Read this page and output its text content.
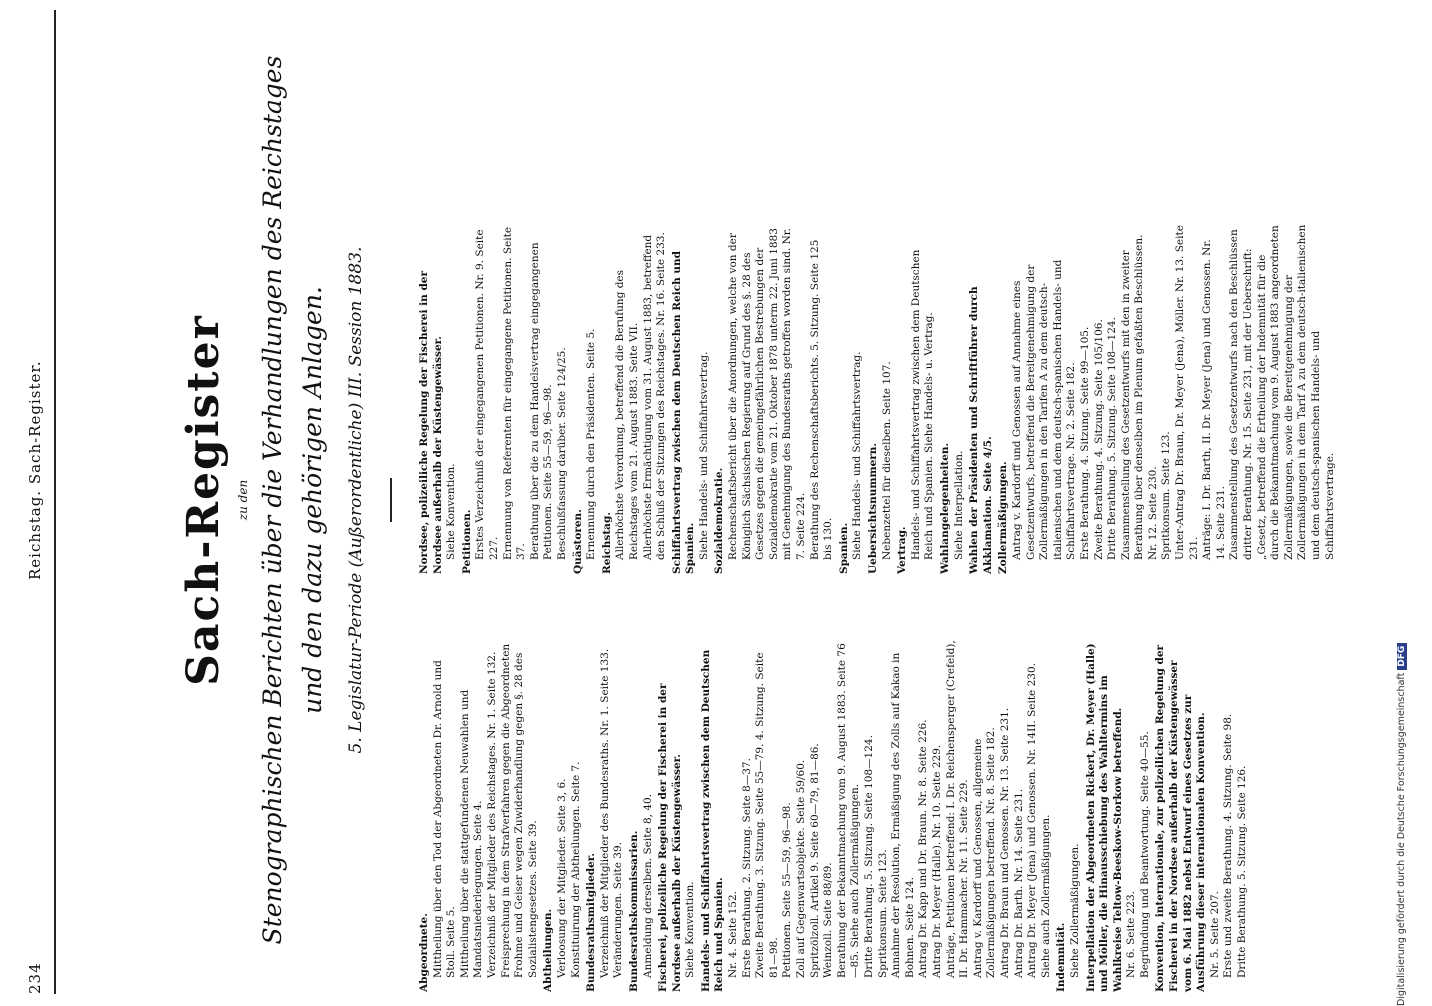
234
Reichstag. Sach-Register.	Sach-Register zu den Stenographischen Berichten über die Verhandlungen des Reichstages und den dazu gehörigen Anlagen. 5. Legislatur-Periode (Außerordentliche) III. Session 1883.
Abgeordnete. Mittheilung über den Tod der Abgeordneten Dr. Arnold und Stoll. Seite 5. Mittheilung über die stattgefundenen Neuwahlen und Mandatsniederlegungen. Seite 4. Verzeichniß der Mitglieder des Reichstages. Nr. 1. Seite 132. Freisprechung in dem Strafverfahren gegen die Abgeordneten Frohme und Geiser wegen Zuwiderhandlung gegen §. 28 des Sozialistengesetzes. Seite 39. Abtheilungen. Verloosung der Mitglieder. Seite 3, 6. Konstituirung der Abtheilungen. Seite 7. Bundesrathsmitglieder. Verzeichniß der Mitglieder des Bundesraths. Nr. 1. Seite 133. Veränderungen. Seite 39. Bundesrathskommissarien. Anmeldung derselben. Seite 8, 40. Fischerei, polizeiliche Regelung der Fischerei in der Nordsee außerhalb der Küstengewässer. Siehe Konvention. Handels- und Schiffahrtsvertrag zwischen dem Deutschen Reich und Spanien. Nr. 4. Seite 152. Erste Berathung. 2. Sitzung. Seite 8—37. Zweite Berathung. 3. Sitzung. Seite 55—79. 4. Sitzung. Seite 81—98. Petitionen. Seite 55—59, 96—98. Zoll auf Gegenwartsobjekte. Seite 59/60. Spritzölzoll. Artikel 9. Seite 60—79, 81—86. Weinzoll. Seite 88/89. Berathung der Bekanntmachung vom 9. August 1883. Seite 76—85. Siehe auch Zollermäßigungen. Dritte Berathung. 5. Sitzung. Seite 108—124. Spritkonsum. Seite 123. Annahme der Resolution, Ermäßigung des Zolls auf Kakao in Bohnen. Seite 124. Antrag Dr. Kapp und Dr. Braun. Nr. 8. Seite 226. Antrag Dr. Meyer (Halle). Nr. 10. Seite 229. Anträge, Petitionen betreffend: I. Dr. Reichensperger (Crefeld), II. Dr. Hammacher. Nr. 11. Seite 229. Antrag v. Kardorff und Genossen, allgemeine Zollermäßigungen betreffend. Nr. 8. Seite 182. Antrag Dr. Braun und Genossen. Nr. 13. Seite 231. Antrag Dr. Barth. Nr. 14. Seite 231. Antrag Dr. Meyer (Jena) und Genossen. Nr. 14II. Seite 230. Siehe auch Zollermäßigungen. Indemnität. Siehe Zollermäßigungen. Interpellation der Abgeordneten Rickert, Dr. Meyer (Halle) und Möller, die Hinausschiebung des Wahltermins im Wahlkreise Teltow-Beeskow-Storkow betreffend. Nr. 6. Seite 223. Begründung und Beantwortung. Seite 40—55. Konvention, internationale, zur polizeilichen Regelung der Fischerei in der Nordsee außerhalb der Küstengewässer vom 6. Mai 1882 nebst Entwurf eines Gesetzes zur Ausführung dieser internationalen Konvention. Nr. 5. Seite 207. Erste und zweite Berathung. 4. Sitzung. Seite 98. Dritte Berathung. 5. Sitzung. Seite 126.
Nordsee, polizeiliche Regelung der Fischerei in der Nordsee außerhalb der Küstengewässer. Siehe Konvention. Petitionen. Erstes Verzeichniß der eingegangenen Petitionen. Nr. 9. Seite 227. Ernennung von Referenten für eingegangene Petitionen. Seite 37. Berathung über die zu dem Handelsvertrag eingegangenen Petitionen. Seite 55—59, 96—98. Beschlußfassung darüber. Seite 124/25. Quästoren. Ernennung durch den Präsidenten. Seite 5. Reichstag. Allerhöchste Verordnung, betreffend die Berufung des Reichstages vom 21. August 1883. Seite VII. Allerhöchste Ermächtigung vom 31. August 1883, betreffend den Schluß der Sitzungen des Reichstages. Nr. 16. Seite 233. Schiffahrtsvertrag zwischen dem Deutschen Reich und Spanien. Siehe Handels- und Schiffahrtsvertrag. Sozialdemokratie. Rechenschaftsbericht über die Anordnungen, welche von der Königlich Sächsischen Regierung auf Grund des §. 28 des Gesetzes gegen die gemeingefährlichen Bestrebungen der Sozialdemokratie vom 21. Oktober 1878 unterm 22. Juni 1883 mit Genehmigung des Bundesraths getroffen worden sind. Nr. 7. Seite 224. Berathung des Rechenschaftsberichts. 5. Sitzung. Seite 125 bis 130. Spanien. Siehe Handels- und Schiffahrtsvertrag. Uebersichtsnummern. Nebenzettel für dieselben. Seite 107. Vertrag. Handels- und Schiffahrtsvertrag zwischen dem Deutschen Reich und Spanien. Siehe Handels- u. Vertrag. Wahlangelegenheiten. Siehe Interpellation. Wahlen der Präsidenten und Schriftführer durch Akklamation. Seite 4/5. Zollermäßigungen. Antrag v. Kardorff und Genossen auf Annahme eines Gesetzentwurfs, betreffend die Bereitgenehmigung der Zollermäßigungen in den Tarifen A zu dem deutsch-italienischen und dem deutsch-spanischen Handels- und Schiffahrtsvertrage. Nr. 2. Seite 182. Erste Berathung. 4. Sitzung. Seite 99—105. Zweite Berathung. 4. Sitzung. Seite 105/106. Dritte Berathung. 5. Sitzung. Seite 108—124. Zusammenstellung des Gesetzentwurfs mit den in zweiter Berathung über denselben im Plenum gefaßten Beschlüssen. Nr. 12. Seite 230. Spritkonsum. Seite 123. Unter-Antrag Dr. Braun, Dr. Meyer (Jena), Möller. Nr. 13. Seite 231. Anträge: I. Dr. Barth, II. Dr. Meyer (Jena) und Genossen. Nr. 14. Seite 231. Zusammenstellung des Gesetzentwurfs nach den Beschlüssen dritter Berathung. Nr. 15. Seite 231, mit der Ueberschrift: „Gesetz, betreffend die Ertheilung der Indemnität für die durch die Bekanntmachung vom 9. August 1883 angeordneten Zollermäßigungen, sowie die Bereitgenehmigung der Zollermäßigungen in dem Tarif A zu dem deutsch-italienischen und dem deutsch-spanischen Handels- und Schiffahrtsvertrage.
Digitalisierung gefördert durch die Deutsche ForschungsgemeinschaftDFG
